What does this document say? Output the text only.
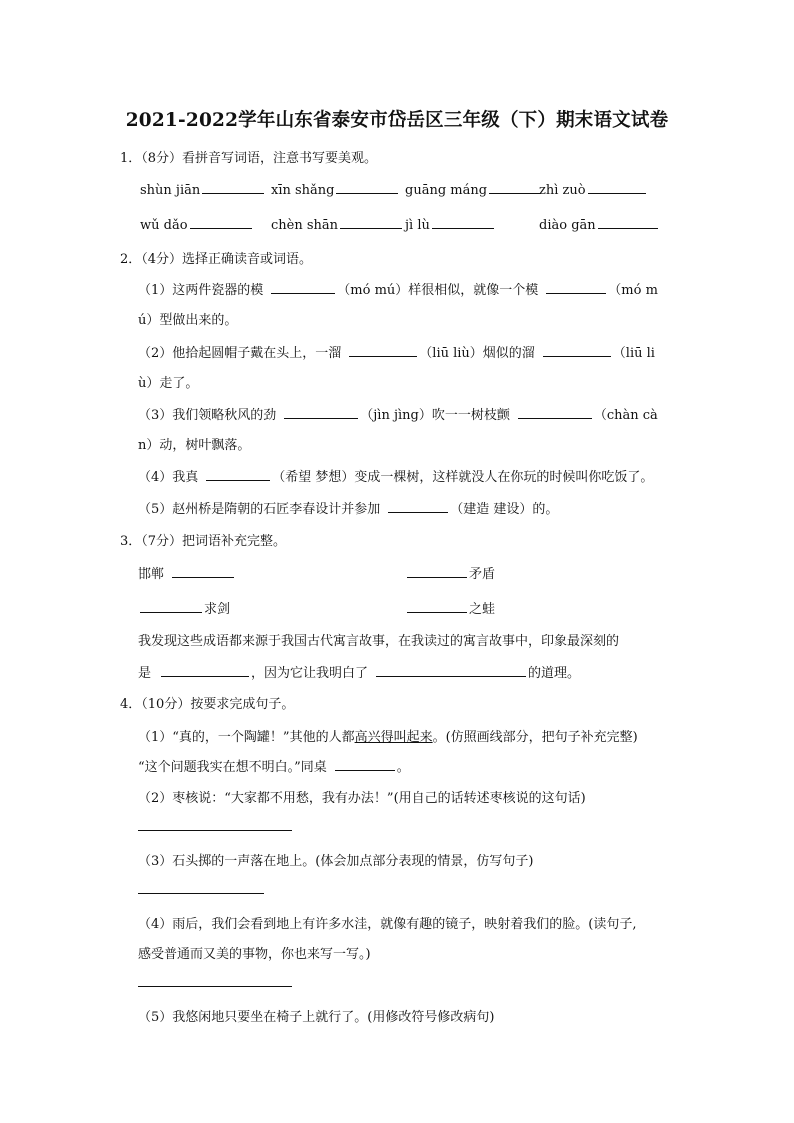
2021-2022学年山东省泰安市岱岳区三年级（下）期末语文试卷
1．（8分）看拼音写词语，注意书写要美观。
shùn jiān	xīn shǎng	guāng máng	zhì zuò
wǔ dǎo	chèn shān	jì lù	diào gān
2．（4分）选择正确读音或词语。
（1）这两件瓷器的模	（mó mú）样很相似，就像一个模	（mó m
ú）型做出来的。
（2）他拾起圆帽子戴在头上，一溜	（liū liù）烟似的溜	（liū li
ù）走了。
（3）我们领略秋风的劲	（jìn jìng）吹一一树枝颤	（chàn cà
n）动，树叶飘落。
（4）我真	（希望 梦想）变成一棵树，这样就没人在你玩的时候叫你吃饭了。
（5）赵州桥是隋朝的石匠李春设计并参加	（建造 建设）的。
3．（7分）把词语补充完整。
邯郸	矛盾
求剑	之蛙
我发现这些成语都来源于我国古代寓言故事，在我读过的寓言故事中，印象最深刻的
是	，因为它让我明白了	的道理。
4．（10分）按要求完成句子。
（1）“真的，一个陶罐！”其他的人都高兴得叫起来。(仿照画线部分，把句子补充完整)
“这个问题我实在想不明白。”同桌	。
（2）枣核说：“大家都不用愁，我有办法！”(用自己的话转述枣核说的这句话)
（3）石头掷的一声落在地上。(体会加点部分表现的情景，仿写句子)
（4）雨后，我们会看到地上有许多水洼，就像有趣的镜子，映射着我们的脸。(读句子,
感受普通而又美的事物，你也来写一写。)
（5）我悠闲地只要坐在椅子上就行了。(用修改符号修改病句)
